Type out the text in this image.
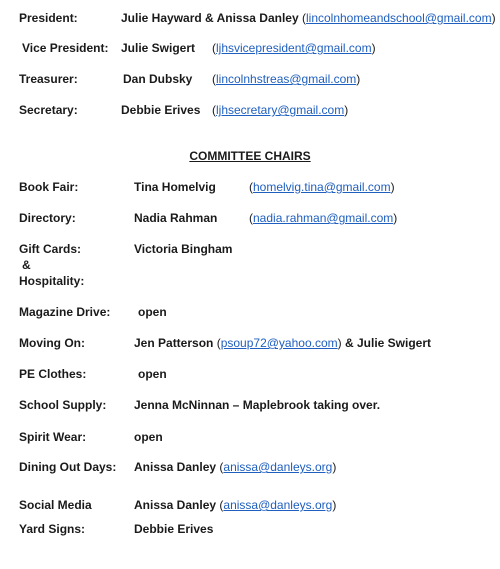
President:	Julie Hayward & Anissa Danley (lincolnhomeandschool@gmail.com)
Vice President: Julie Swigert (ljhsvicepresident@gmail.com)
Treasurer:	Dan Dubsky (lincolnhstreas@gmail.com)
Secretary:	Debbie Erives (ljhsecretary@gmail.com)
COMMITTEE CHAIRS
Book Fair:	Tina Homelvig	(homelvig.tina@gmail.com)
Directory:	Nadia Rahman	(nadia.rahman@gmail.com)
Gift Cards:
&
Hospitality:
Victoria Bingham
Magazine Drive: open
Moving On:	Jen Patterson (psoup72@yahoo.com) & Julie Swigert
PE Clothes:	open
School Supply: Jenna McNinnan – Maplebrook taking over.
Spirit Wear:	open
Dining Out Days: Anissa Danley (anissa@danleys.org)
Social Media	Anissa Danley (anissa@danleys.org)
Yard Signs:	Debbie Erives
